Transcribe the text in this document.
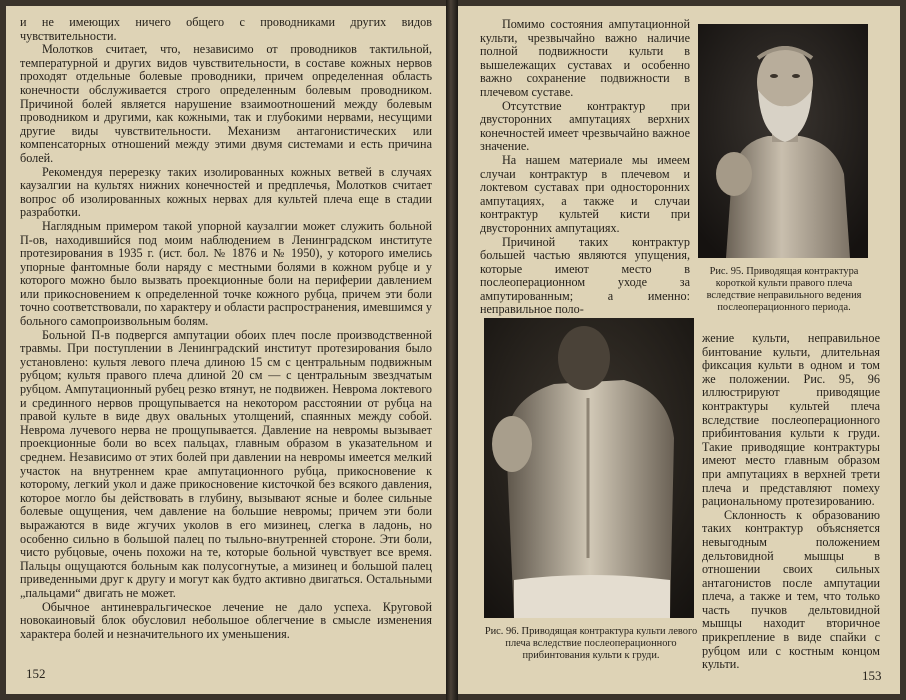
и не имеющих ничего общего с проводниками других видов чувствительности.

Молотков считает, что, независимо от проводников тактильной, температурной и других видов чувствительности, в составе кожных нервов проходят отдельные болевые проводники, причем определенная область конечности обслуживается строго определенным болевым проводником. Причиной болей является нарушение взаимоотношений между болевым проводником и другими, как кожными, так и глубокими нервами, несущими другие виды чувствительности. Механизм антагонистических или компенсаторных отношений между этими двумя системами и есть причина болей.

Рекомендуя перерезку таких изолированных кожных ветвей в случаях каузалгии на культях нижних конечностей и предплечья, Молотков считает вопрос об изолированных кожных нервах для культей плеча еще в стадии разработки.

Наглядным примером такой упорной каузалгии может служить больной П-ов, находившийся под моим наблюдением в Ленинградском институте протезирования в 1935 г. (ист. бол. № 1876 и № 1950), у которого имелись упорные фантомные боли наряду с местными болями в кожном рубце и у которого можно было вызвать проекционные боли на периферии давлением или прикосновением к определенной точке кожного рубца, причем эти боли точно соответствовали, по характеру и области распространения, имевшимся у больного самопроизвольным болям.

Больной П-в подвергся ампутации обоих плеч после производственной травмы. При поступлении в Ленинградский институт протезирования было установлено: культя левого плеча длиною 15 см с центральным подвижным рубцом; культя правого плеча длиной 20 см — с центральным звездчатым рубцом. Ампутационный рубец резко втянут, не подвижен. Неврома локтевого и срединного нервов прощупывается на некотором расстоянии от рубца на правой культе в виде двух овальных утолщений, спаянных между собой. Неврома лучевого нерва не прощупывается. Давление на невромы вызывает проекционные боли во всех пальцах, главным образом в указательном и среднем. Независимо от этих болей при давлении на невромы имеется мелкий участок на внутреннем крае ампутационного рубца, прикосновение к которому, легкий укол и даже прикосновение кисточкой без всякого давления, которое могло бы действовать в глубину, вызывают ясные и более сильные болевые ощущения, чем давление на большие невромы; причем эти боли выражаются в виде жгучих уколов в его мизинец, слегка в ладонь, но особенно сильно в большой палец по тыльно-внутренней стороне. Эти боли, чисто рубцовые, очень похожи на те, которые больной чувствует все время. Пальцы ощущаются больным как полусогнутые, а мизинец и большой палец приведенными друг к другу и могут как будто активно двигаться. Остальными „пальцами“ двигать не может.

Обычное антиневральгическое лечение не дало успеха. Круговой новокаиновый блок обусловил небольшое облегчение в смысле изменения характера болей и незначительного их уменьшения.

152

Помимо состояния ампутационной культи, чрезвычайно важно наличие полной подвижности культи в вышележащих суставах и особенно важно сохранение подвижности в плечевом суставе.

Отсутствие контрактур при двусторонних ампутациях верхних конечностей имеет чрезвычайно важное значение.

На нашем материале мы имеем случаи контрактур в плечевом и локтевом суставах при односторонних ампутациях, а также и случаи контрактур культей кисти при двусторонних ампутациях.

Причиной таких контрактур большей частью являются упущения, которые имеют место в послеоперационном уходе за ампутированным; а именно: неправильное поло-

Рис. 95. Приводящая контрактура короткой культи правого плеча вследствие неправильного ведения послеоперационного периода.

Рис. 96. Приводящая контрактура культи левого плеча вследствие послеоперационного прибинтования культи к груди.

жение культи, неправильное бинтование культи, длительная фиксация культи в одном и том же положении. Рис. 95, 96 иллюстрируют приводящие контрактуры культей плеча вследствие послеоперационного прибинтования культи к груди. Такие приводящие контрактуры имеют место главным образом при ампутациях в верхней трети плеча и представляют помеху рациональному протезированию.

Склонность к образованию таких контрактур объясняется невыгодным положением дельтовидной мышцы в отношении своих сильных антагонистов после ампутации плеча, а также и тем, что только часть пучков дельтовидной мышцы находит вторичное прикрепление в виде спайки с рубцом или с костным концом культи.

153
